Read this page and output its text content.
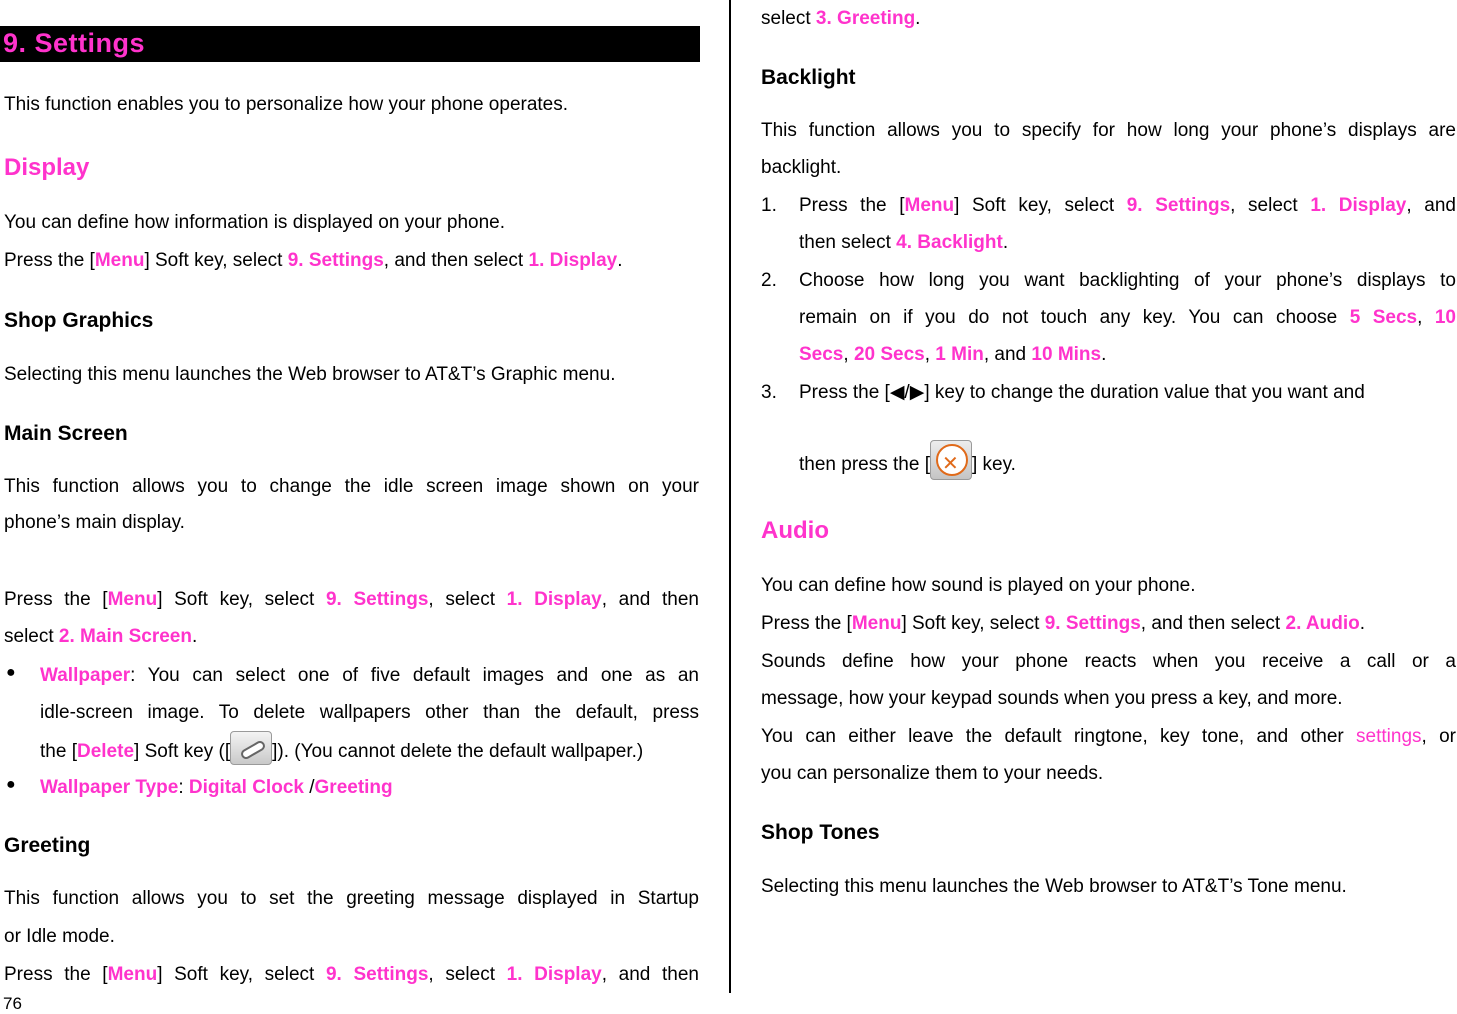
9. Settings
This function enables you to personalize how your phone operates.
Display
You can define how information is displayed on your phone.
Press the [Menu] Soft key, select 9. Settings, and then select 1. Display.
Shop Graphics
Selecting this menu launches the Web browser to AT&T’s Graphic menu.
Main Screen
This function allows you to change the idle screen image shown on your
phone’s main display.
Press the [Menu] Soft key, select 9. Settings, select 1. Display, and then
select 2. Main Screen.
● Wallpaper: You can select one of five default images and one as an
idle-screen image. To delete wallpapers other than the default, press
the [Delete] Soft key ([ ]). (You cannot delete the default wallpaper.)
● Wallpaper Type: Digital Clock /Greeting
Greeting
This function allows you to set the greeting message displayed in Startup
or Idle mode.
Press the [Menu] Soft key, select 9. Settings, select 1. Display, and then
76
select 3. Greeting.
Backlight
This function allows you to specify for how long your phone’s displays are
backlight.
1. Press the [Menu] Soft key, select 9. Settings, select 1. Display, and
then select 4. Backlight.
2. Choose how long you want backlighting of your phone’s displays to
remain on if you do not touch any key. You can choose 5 Secs, 10
Secs, 20 Secs, 1 Min, and 10 Mins.
3. Press the [◀/▶] key to change the duration value that you want and
then press the [✕ ] key.
Audio
You can define how sound is played on your phone.
Press the [Menu] Soft key, select 9. Settings, and then select 2. Audio.
Sounds define how your phone reacts when you receive a call or a
message, how your keypad sounds when you press a key, and more.
You can either leave the default ringtone, key tone, and other settings, or
you can personalize them to your needs.
Shop Tones
Selecting this menu launches the Web browser to AT&T’s Tone menu.
